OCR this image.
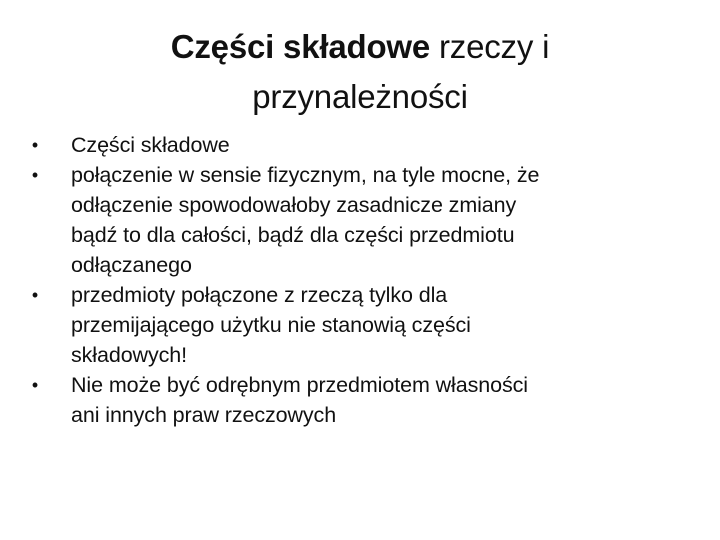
Części składowe rzeczy i
przynależności
• Części składowe
• połączenie w sensie fizycznym, na tyle mocne, że
odłączenie spowodowałoby zasadnicze zmiany
bądź to dla całości, bądź dla części przedmiotu
odłączanego
• przedmioty połączone z rzeczą tylko dla
przemijającego użytku nie stanowią części
składowych!
• Nie może być odrębnym przedmiotem własności
ani innych praw rzeczowych
